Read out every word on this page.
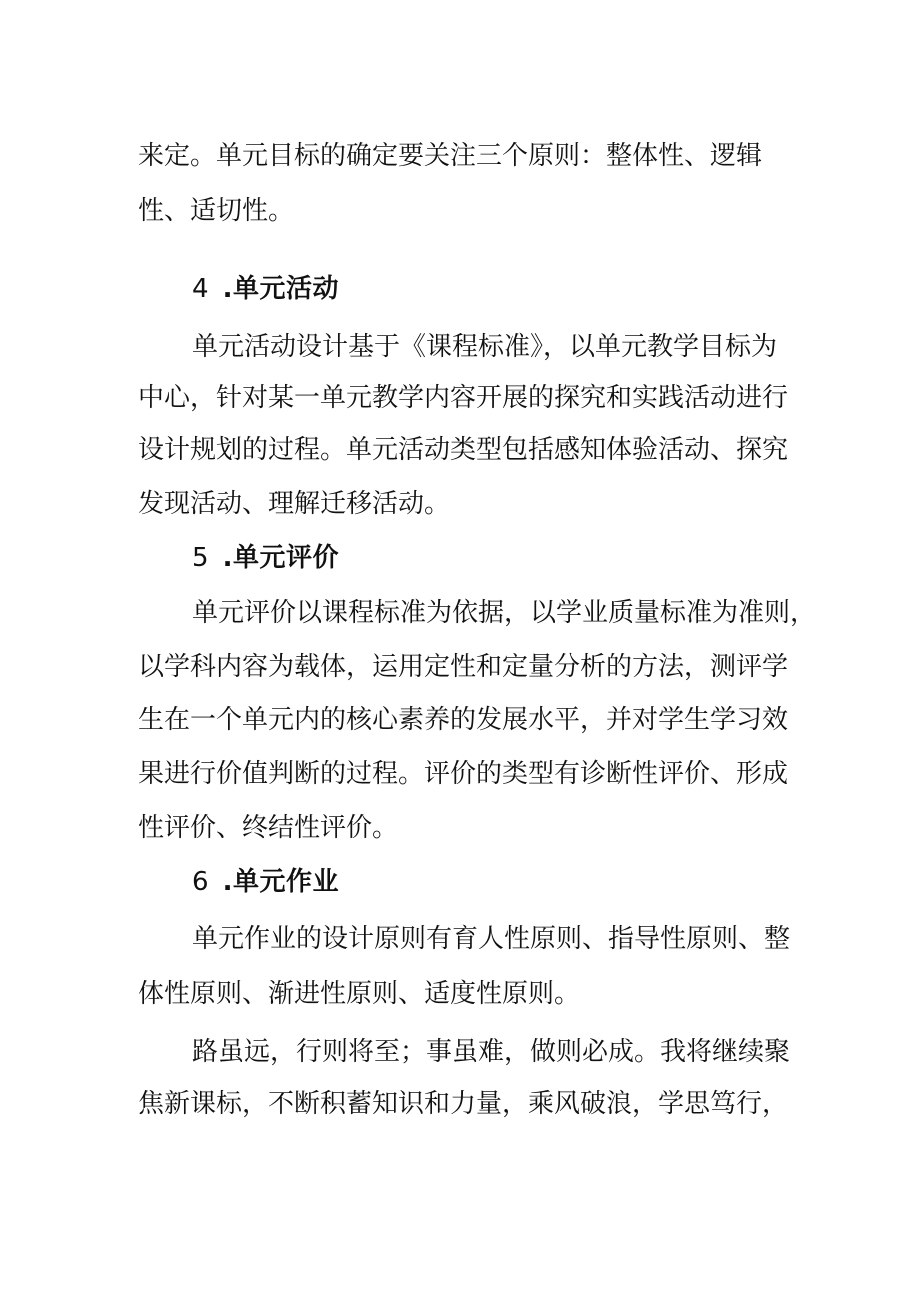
来定。单元目标的确定要关注三个原则：整体性、逻辑
性、适切性。
4 .单元活动
单元活动设计基于《课程标准》，以单元教学目标为
中心，针对某一单元教学内容开展的探究和实践活动进行
设计规划的过程。单元活动类型包括感知体验活动、探究
发现活动、理解迁移活动。
5 .单元评价
单元评价以课程标准为依据，以学业质量标准为准则，
以学科内容为载体，运用定性和定量分析的方法，测评学
生在一个单元内的核心素养的发展水平，并对学生学习效
果进行价值判断的过程。评价的类型有诊断性评价、形成
性评价、终结性评价。
6 .单元作业
单元作业的设计原则有育人性原则、指导性原则、整
体性原则、渐进性原则、适度性原则。
路虽远，行则将至；事虽难，做则必成。我将继续聚
焦新课标，不断积蓄知识和力量，乘风破浪，学思笃行，
